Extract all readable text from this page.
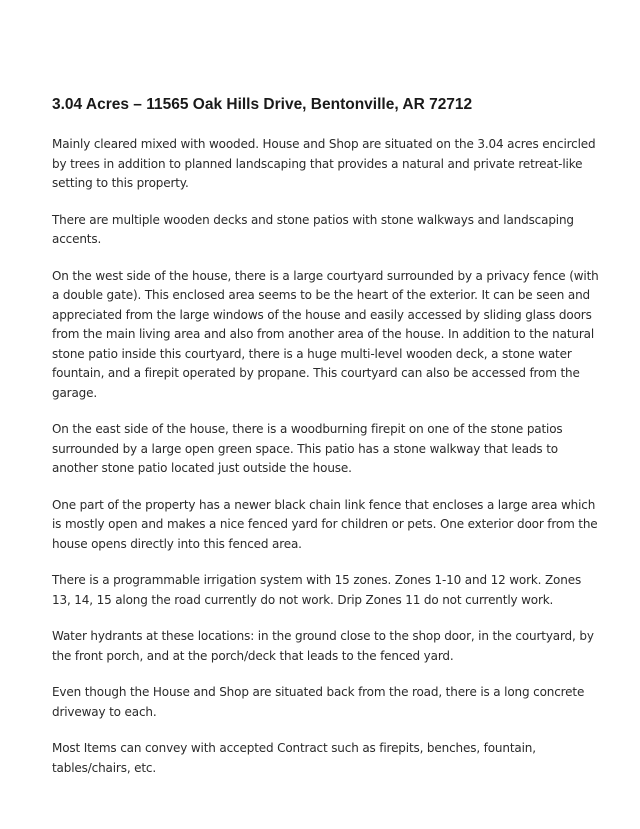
3.04 Acres – 11565 Oak Hills Drive, Bentonville, AR 72712

Mainly cleared mixed with wooded. House and Shop are situated on the 3.04 acres encircled by trees in addition to planned landscaping that provides a natural and private retreat-like setting to this property.

There are multiple wooden decks and stone patios with stone walkways and landscaping accents.

On the west side of the house, there is a large courtyard surrounded by a privacy fence (with a double gate). This enclosed area seems to be the heart of the exterior. It can be seen and appreciated from the large windows of the house and easily accessed by sliding glass doors from the main living area and also from another area of the house. In addition to the natural stone patio inside this courtyard, there is a huge multi-level wooden deck, a stone water fountain, and a firepit operated by propane. This courtyard can also be accessed from the garage.

On the east side of the house, there is a woodburning firepit on one of the stone patios surrounded by a large open green space. This patio has a stone walkway that leads to another stone patio located just outside the house.

One part of the property has a newer black chain link fence that encloses a large area which is mostly open and makes a nice fenced yard for children or pets. One exterior door from the house opens directly into this fenced area.

There is a programmable irrigation system with 15 zones. Zones 1-10 and 12 work. Zones 13, 14, 15 along the road currently do not work. Drip Zones 11 do not currently work.

Water hydrants at these locations: in the ground close to the shop door, in the courtyard, by the front porch, and at the porch/deck that leads to the fenced yard.

Even though the House and Shop are situated back from the road, there is a long concrete driveway to each.

Most Items can convey with accepted Contract such as firepits, benches, fountain, tables/chairs, etc.
